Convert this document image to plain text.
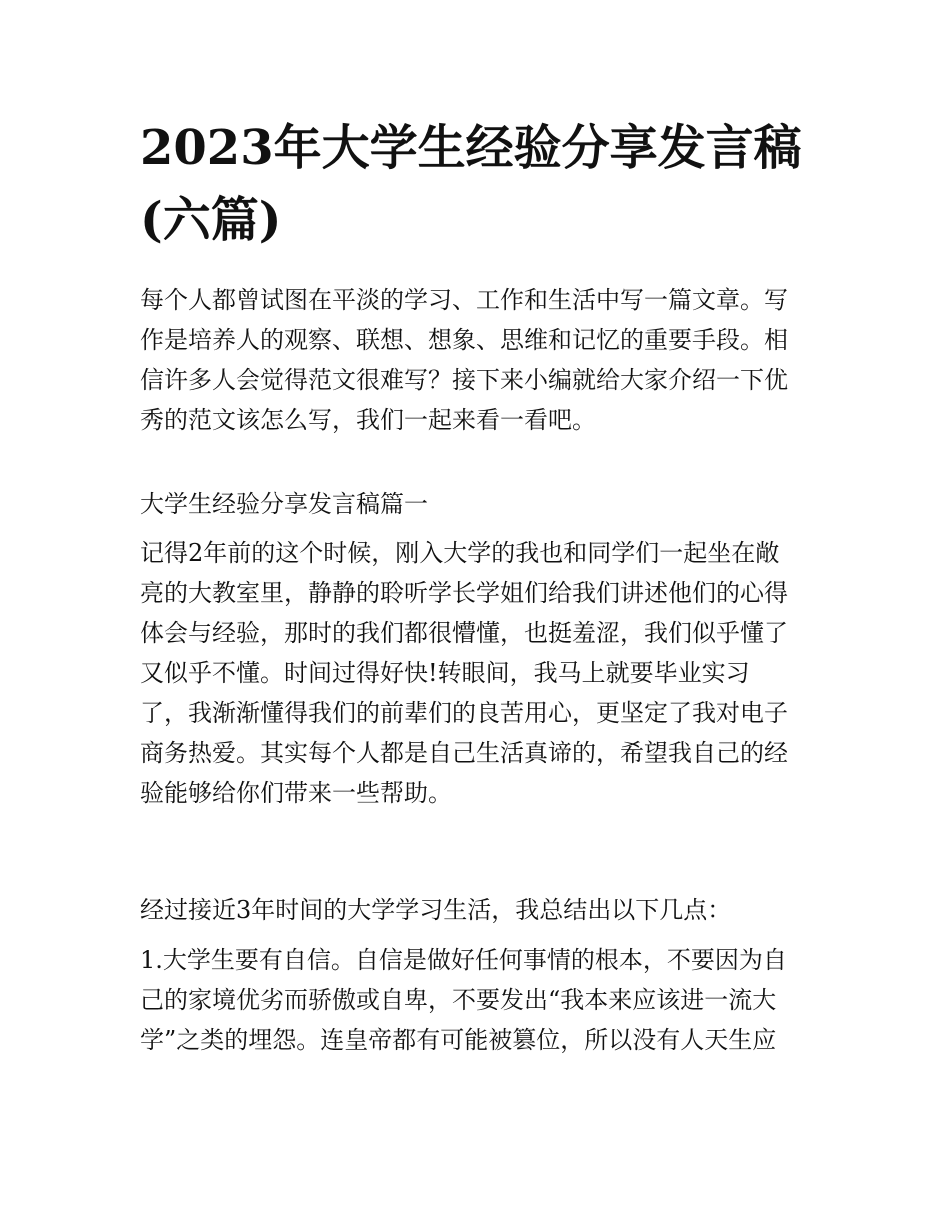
2023年大学生经验分享发言稿
(六篇)

每个人都曾试图在平淡的学习、工作和生活中写一篇文章。写
作是培养人的观察、联想、想象、思维和记忆的重要手段。相
信许多人会觉得范文很难写？接下来小编就给大家介绍一下优
秀的范文该怎么写，我们一起来看一看吧。

大学生经验分享发言稿篇一

记得2年前的这个时候，刚入大学的我也和同学们一起坐在敞
亮的大教室里，静静的聆听学长学姐们给我们讲述他们的心得
体会与经验，那时的我们都很懵懂，也挺羞涩，我们似乎懂了
又似乎不懂。时间过得好快!转眼间，我马上就要毕业实习
了，我渐渐懂得我们的前辈们的良苦用心，更坚定了我对电子
商务热爱。其实每个人都是自己生活真谛的，希望我自己的经
验能够给你们带来一些帮助。

经过接近3年时间的大学学习生活，我总结出以下几点：

1.大学生要有自信。自信是做好任何事情的根本，不要因为自
己的家境优劣而骄傲或自卑，不要发出“我本来应该进一流大
学”之类的埋怨。连皇帝都有可能被篡位，所以没有人天生应
